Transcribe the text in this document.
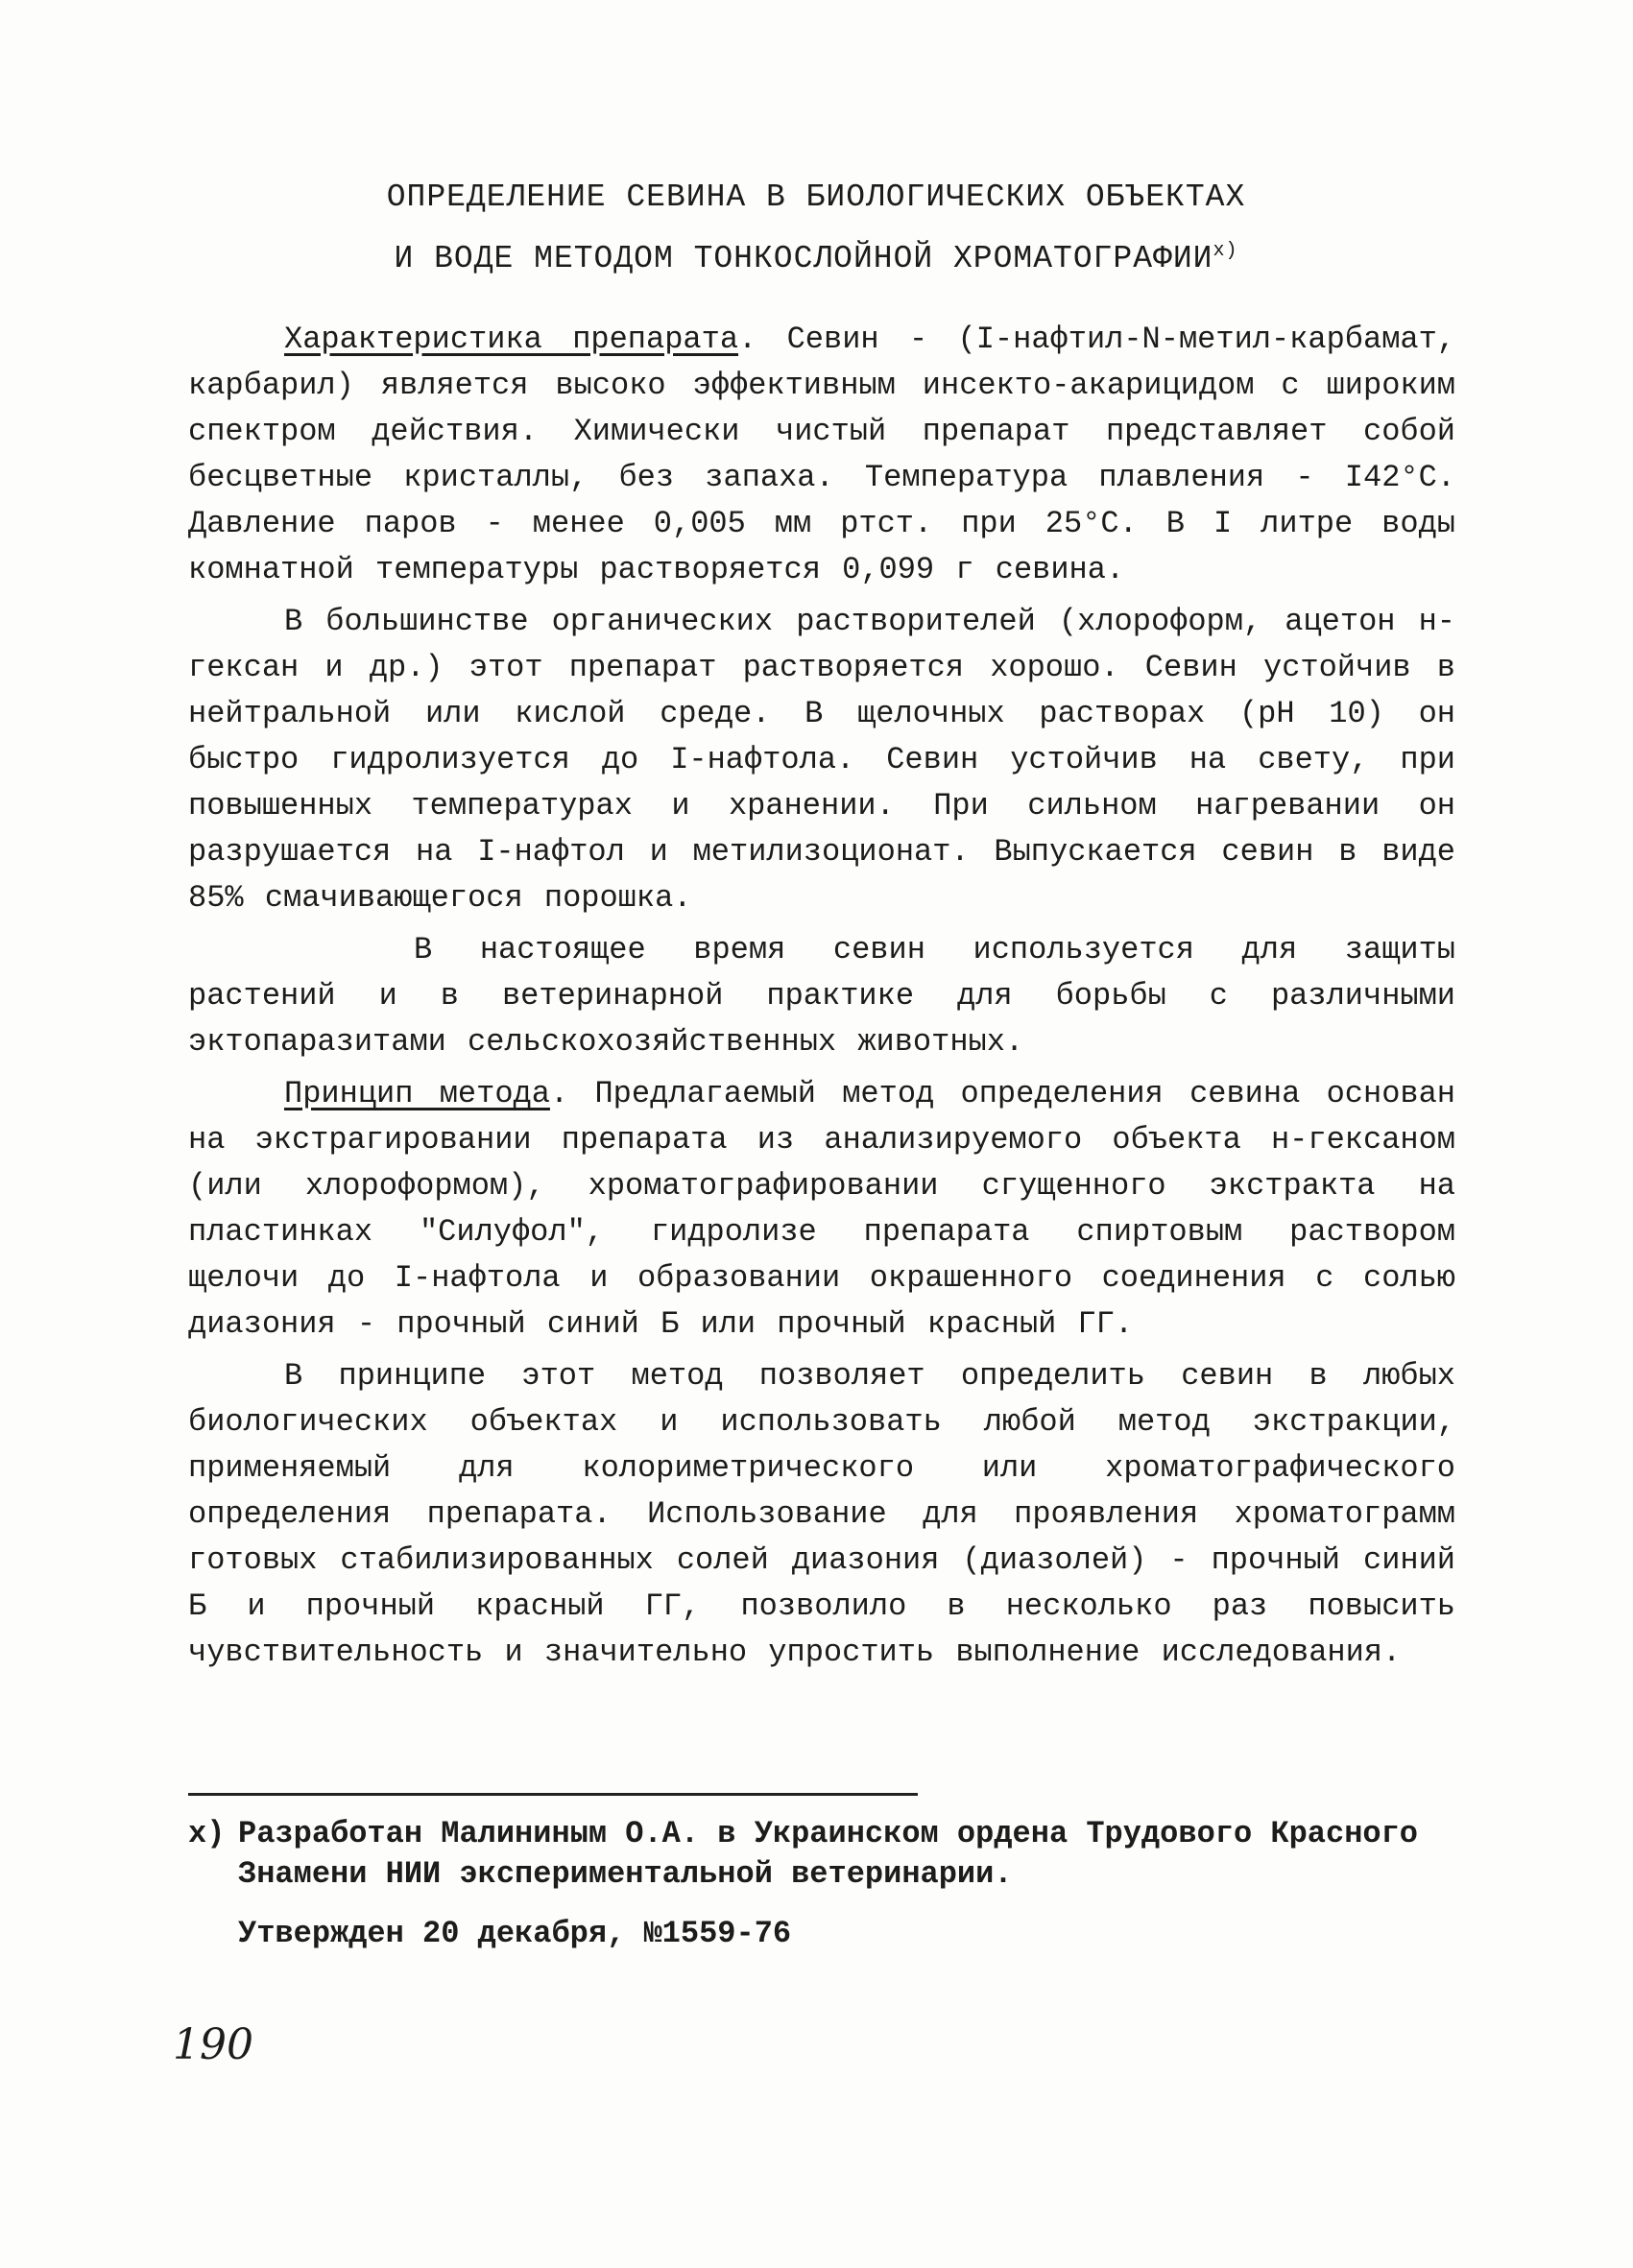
ОПРЕДЕЛЕНИЕ СЕВИНА В БИОЛОГИЧЕСКИХ ОБЪЕКТАХ
И ВОДЕ МЕТОДОМ ТОНКОСЛОЙНОЙ $ХРОМАТОГРАФИИ^{х)}$

Характеристика препарата. Севин - (I-нафтил-N-метил-карбамат, карбарил) является высоко эффективным инсекто-акарицидом с широким спектром действия. Химически чистый препарат представляет собой бесцветные кристаллы, без запаха. Температура плавления - I42°С. Давление паров - менее 0,005 мм ртст. при 25°С. В I литре воды комнатной температуры растворяется 0,099 г севина.

В большинстве органических растворителей (хлороформ, ацетон н-гексан и др.) этот препарат растворяется хорошо. Севин устойчив в нейтральной или кислой среде. В щелочных растворах (pH 10) он быстро гидролизуется до I-нафтола. Севин устойчив на свету, при повышенных температурах и хранении. При сильном нагревании он разрушается на I-нафтол и метилизоционат. Выпускается севин в виде 85% смачивающегося порошка.

В настоящее время севин используется для защиты растений и в ветеринарной практике для борьбы с различными эктопаразитами сельскохозяйственных животных.

Принцип метода. Предлагаемый метод определения севина основан на экстрагировании препарата из анализируемого объекта н-гексаном (или хлороформом), хроматографировании сгущенного экстракта на пластинках "Силуфол", гидролизе препарата спиртовым раствором щелочи до I-нафтола и образовании окрашенного соединения с солью диазония - прочный синий Б или прочный красный ГГ.

В принципе этот метод позволяет определить севин в любых биологических объектах и использовать любой метод экстракции, применяемый для колориметрического или хроматографического определения препарата. Использование для проявления хроматограмм готовых стабилизированных солей диазония (диазолей) - прочный синий Б и прочный красный ГГ, позволило в несколько раз повысить чувствительность и значительно упростить выполнение исследования.

х) Разработан Малининым О.А. в Украинском ордена Трудового Красного Знамени НИИ экспериментальной ветеринарии.
Утвержден 20 декабря, №1559-76
190
